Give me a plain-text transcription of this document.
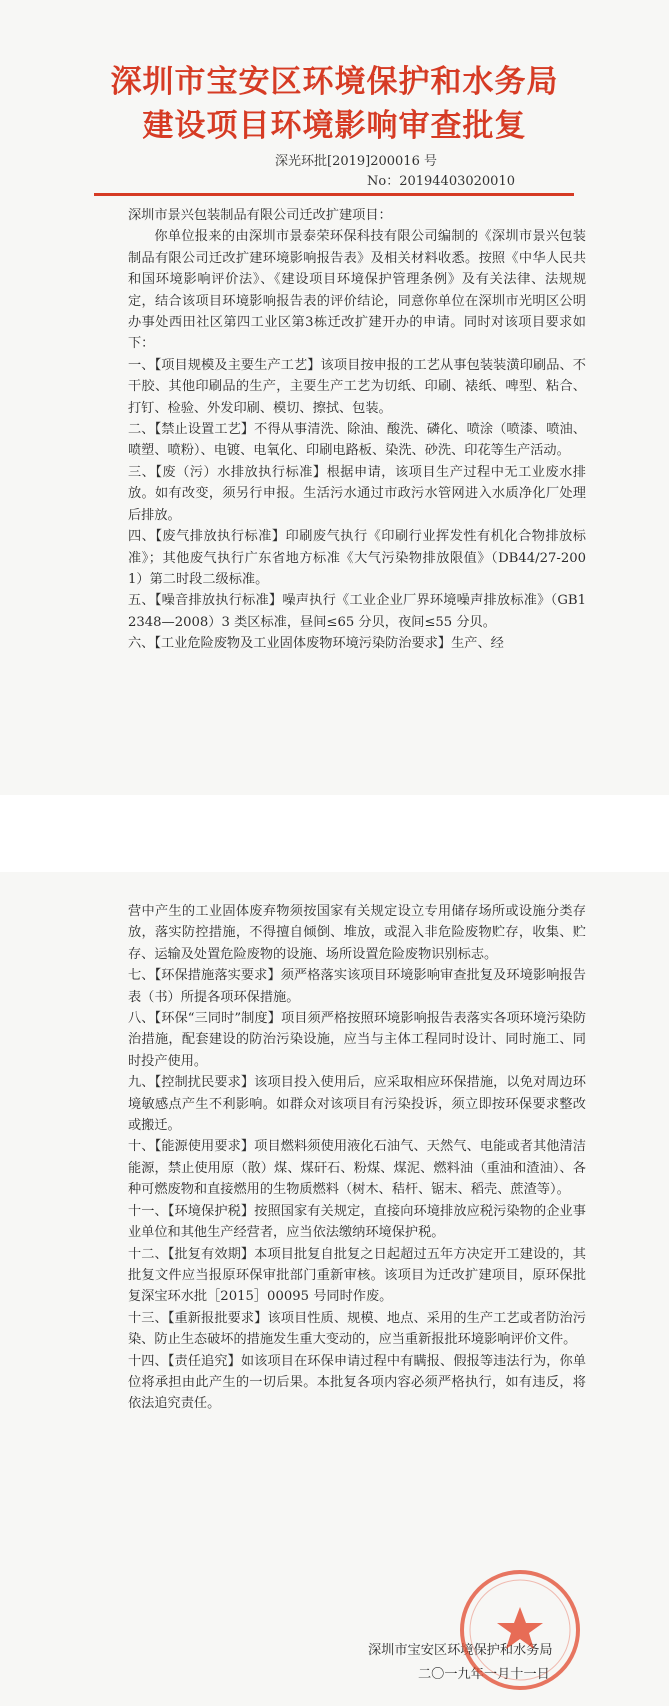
深圳市宝安区环境保护和水务局
建设项目环境影响审查批复
深光环批[2019]200016 号
No：20194403020010

深圳市景兴包装制品有限公司迁改扩建项目：

你单位报来的由深圳市景泰荣环保科技有限公司编制的《深圳市景兴包装制品有限公司迁改扩建环境影响报告表》及相关材料收悉。按照《中华人民共和国环境影响评价法》、《建设项目环境保护管理条例》及有关法律、法规规定，结合该项目环境影响报告表的评价结论，同意你单位在深圳市光明区公明办事处西田社区第四工业区第3栋迁改扩建开办的申请。同时对该项目要求如下：

一、【项目规模及主要生产工艺】该项目按申报的工艺从事包装装潢印刷品、不干胶、其他印刷品的生产，主要生产工艺为切纸、印刷、裱纸、啤型、粘合、打钉、检验、外发印刷、模切、擦拭、包装。

二、【禁止设置工艺】不得从事清洗、除油、酸洗、磷化、喷涂（喷漆、喷油、喷塑、喷粉）、电镀、电氧化、印刷电路板、染洗、砂洗、印花等生产活动。

三、【废（污）水排放执行标准】根据申请，该项目生产过程中无工业废水排放。如有改变，须另行申报。生活污水通过市政污水管网进入水质净化厂处理后排放。

四、【废气排放执行标准】印刷废气执行《印刷行业挥发性有机化合物排放标准》；其他废气执行广东省地方标准《大气污染物排放限值》（DB44/27-2001）第二时段二级标准。

五、【噪音排放执行标准】噪声执行《工业企业厂界环境噪声排放标准》（GB12348—2008）3 类区标准，昼间≤65 分贝，夜间≤55 分贝。

六、【工业危险废物及工业固体废物环境污染防治要求】生产、经

营中产生的工业固体废弃物须按国家有关规定设立专用储存场所或设施分类存放，落实防控措施，不得擅自倾倒、堆放，或混入非危险废物贮存，收集、贮存、运输及处置危险废物的设施、场所设置危险废物识别标志。

七、【环保措施落实要求】须严格落实该项目环境影响审查批复及环境影响报告表（书）所提各项环保措施。

八、【环保“三同时”制度】项目须严格按照环境影响报告表落实各项环境污染防治措施，配套建设的防治污染设施，应当与主体工程同时设计、同时施工、同时投产使用。

九、【控制扰民要求】该项目投入使用后，应采取相应环保措施，以免对周边环境敏感点产生不利影响。如群众对该项目有污染投诉，须立即按环保要求整改或搬迁。

十、【能源使用要求】项目燃料须使用液化石油气、天然气、电能或者其他清洁能源，禁止使用原（散）煤、煤矸石、粉煤、煤泥、燃料油（重油和渣油）、各种可燃废物和直接燃用的生物质燃料（树木、秸杆、锯末、稻壳、蔗渣等）。

十一、【环境保护税】按照国家有关规定，直接向环境排放应税污染物的企业事业单位和其他生产经营者，应当依法缴纳环境保护税。

十二、【批复有效期】本项目批复自批复之日起超过五年方决定开工建设的，其批复文件应当报原环保审批部门重新审核。该项目为迁改扩建项目，原环保批复深宝环水批［2015］00095 号同时作废。

十三、【重新报批要求】该项目性质、规模、地点、采用的生产工艺或者防治污染、防止生态破坏的措施发生重大变动的，应当重新报批环境影响评价文件。

十四、【责任追究】如该项目在环保申请过程中有瞒报、假报等违法行为，你单位将承担由此产生的一切后果。本批复各项内容必须严格执行，如有违反，将依法追究责任。

深圳市宝安区环境保护和水务局
二〇一九年一月十一日
